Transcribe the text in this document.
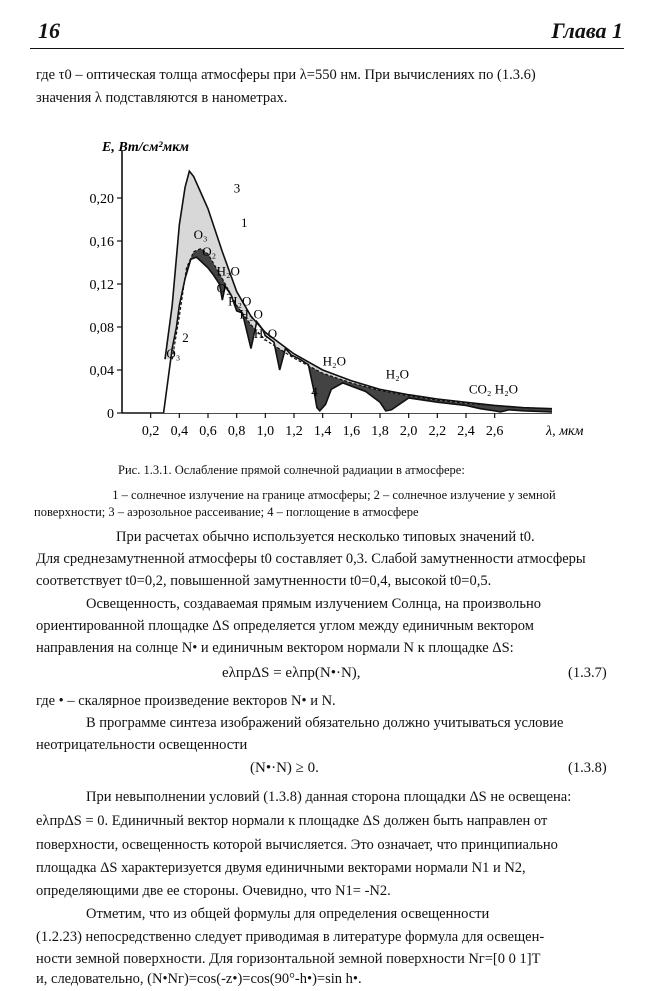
16	Глава 1
где τ0 – оптическая толща атмосферы при λ=550 нм. При вычислениях по (1.3.6)
значения λ подставляются в нанометрах.
0,2 0,4 0,6 0,8 1,0 1,2 1,4 1,6 1,8 2,0 2,2 2,4 2,6	λ, мкм
0
0,04
0,08
0,12
0,16
0,20
E, Вт/см²мкм
3
1
2
O₃
O₃
O₂
H₂O
O₂
H₂O
H₂O
H₂O
H₂O
H₂O
CO₂ H₂O
4
Рис. 1.3.1. Ослабление прямой солнечной радиации в атмосфере:
1 – солнечное излучение на границе атмосферы; 2 – солнечное излучение у земной
поверхности; 3 – аэрозольное рассеивание; 4 – поглощение в атмосфере
При расчетах обычно используется несколько типовых значений t0.
Для среднезамутненной атмосферы t0 составляет 0,3. Слабой замутненности атмосферы
соответствует t0=0,2, повышенной замутненности t0=0,4, высокой t0=0,5.
Освещенность, создаваемая прямым излучением Солнца, на произвольно
ориентированной площадке ΔS определяется углом между единичным вектором
направления на солнце N• и единичным вектором нормали N к площадке ΔS:
eλпрΔS = eλпр(N•·N),	(1.3.7)
где • – скалярное произведение векторов N• и N.
В программе синтеза изображений обязательно должно учитываться условие
неотрицательности освещенности
(N•·N) ≥ 0.	(1.3.8)
При невыполнении условий (1.3.8) данная сторона площадки ΔS не освещена:
eλпрΔS = 0. Единичный вектор нормали к площадке ΔS должен быть направлен от
поверхности, освещенность которой вычисляется. Это означает, что принципиально
площадка ΔS характеризуется двумя единичными векторами нормали N1 и N2,
определяющими две ее стороны. Очевидно, что N1= -N2.
Отметим, что из общей формулы для определения освещенности
(1.2.23) непосредственно следует приводимая в литературе формула для освещен-
ности земной поверхности. Для горизонтальной земной поверхности Nг=[0 0 1]T
и, следовательно, (N•Nг)=cos(-z•)=cos(90°-h•)=sin h•.
